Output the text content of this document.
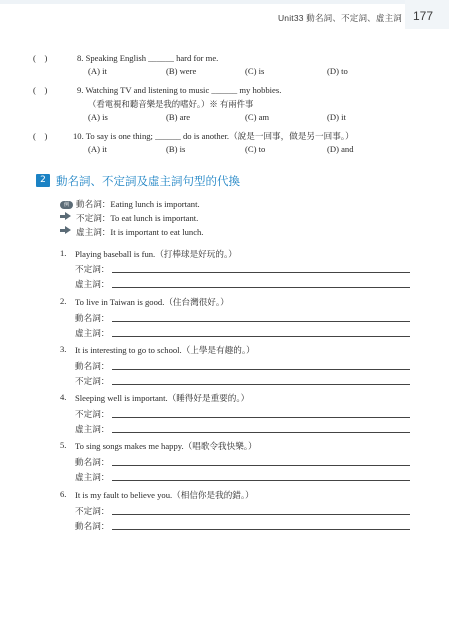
Unit33 動名詞、不定詞、虛主詞 177
(    )	8. Speaking English ______ hard for me.
(A) it	(B) were	(C) is	(D) to
(    )	9. Watching TV and listening to music ______ my hobbies.
（看電視和聽音樂是我的嗜好。）※ 有兩件事
(A) is	(B) are	(C) am	(D) it
(    )	10. To say is one thing; ______ do is another.（說是一回事，做是另一回事。）
(A) it	(B) is	(C) to	(D) and
2 動名詞、不定詞及虛主詞句型的代換
例 動名詞：Eating lunch is important.
不定詞：To eat lunch is important.
虛主詞：It is important to eat lunch.
1. Playing baseball is fun.（打棒球是好玩的。）
不定詞：
虛主詞：
2. To live in Taiwan is good.（住台灣很好。）
動名詞：
虛主詞：
3. It is interesting to go to school.（上學是有趣的。）
動名詞：
不定詞：
4. Sleeping well is important.（睡得好是重要的。）
不定詞：
虛主詞：
5. To sing songs makes me happy.（唱歌令我快樂。）
動名詞：
虛主詞：
6. It is my fault to believe you.（相信你是我的錯。）
不定詞：
動名詞：
